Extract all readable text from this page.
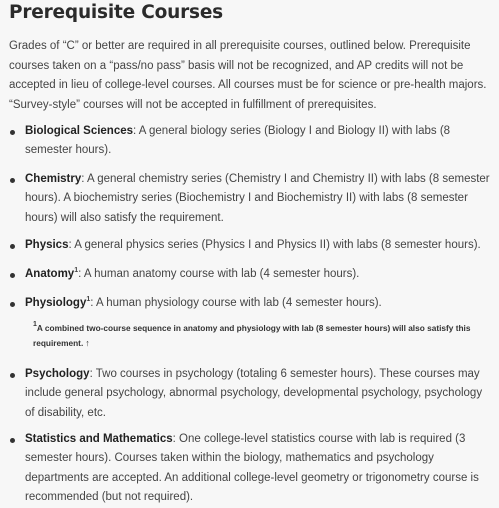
Prerequisite Courses

Grades of “C” or better are required in all prerequisite courses, outlined below. Prerequisite courses taken on a “pass/no pass” basis will not be recognized, and AP credits will not be accepted in lieu of college-level courses. All courses must be for science or pre-health majors. “Survey-style” courses will not be accepted in fulfillment of prerequisites.

Biological Sciences: A general biology series (Biology I and Biology II) with labs (8 semester hours).
Chemistry: A general chemistry series (Chemistry I and Chemistry II) with labs (8 semester hours). A biochemistry series (Biochemistry I and Biochemistry II) with labs (8 semester hours) will also satisfy the requirement.
Physics: A general physics series (Physics I and Physics II) with labs (8 semester hours).
Anatomy$^1$: A human anatomy course with lab (4 semester hours).
Physiology$^1$: A human physiology course with lab (4 semester hours).
Psychology: Two courses in psychology (totaling 6 semester hours). These courses may include general psychology, abnormal psychology, developmental psychology, psychology of disability, etc.
Statistics and Mathematics: One college-level statistics course with lab is required (3 semester hours). Courses taken within the biology, mathematics and psychology departments are accepted. An additional college-level geometry or trigonometry course is recommended (but not required).

$^1$A combined two-course sequence in anatomy and physiology with lab (8 semester hours) will also satisfy this requirement. ↑
